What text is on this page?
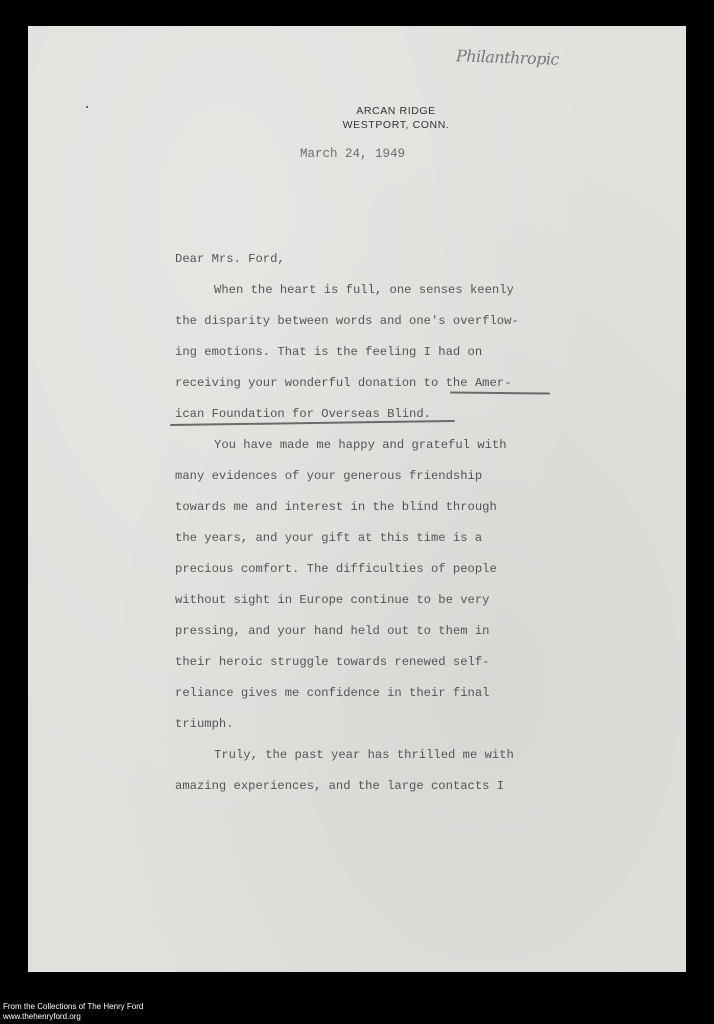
Philanthropic
ARCAN RIDGE
WESTPORT, CONN.
March 24, 1949
Dear Mrs. Ford,
When the heart is full, one senses keenly
the disparity between words and one's overflow-
ing emotions. That is the feeling I had on
receiving your wonderful donation to the Amer-
ican Foundation for Overseas Blind.
You have made me happy and grateful with
many evidences of your generous friendship
towards me and interest in the blind through
the years, and your gift at this time is a
precious comfort. The difficulties of people
without sight in Europe continue to be very
pressing, and your hand held out to them in
their heroic struggle towards renewed self-
reliance gives me confidence in their final
triumph.
Truly, the past year has thrilled me with
amazing experiences, and the large contacts I
From the Collections of The Henry Ford
www.thehenryford.org
